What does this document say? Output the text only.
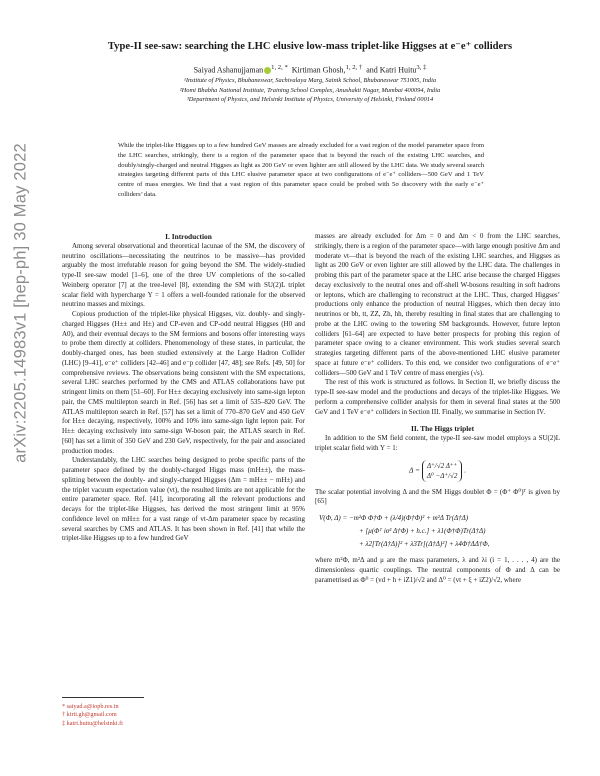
arXiv:2205.14983v1 [hep-ph] 30 May 2022
Type-II see-saw: searching the LHC elusive low-mass triplet-like Higgses at e⁻e⁺ colliders
Saiyad Ashanujjaman $^{1, 2, *}$ Kirtiman Ghosh,$^{1, 2, \dagger}$ and Katri Huitu$^{3, \ddagger}$
¹Institute of Physics, Bhubaneswar, Sachivalaya Marg, Sainik School, Bhubaneswar 751005, India
²Homi Bhabha National Institute, Training School Complex, Anushakti Nagar, Mumbai 400094, India
³Department of Physics, and Helsinki Institute of Physics, University of Helsinki, Finland 00014
While the triplet-like Higgses up to a few hundred GeV masses are already excluded for a vast region of the model parameter space from the LHC searches, strikingly, there is a region of the parameter space that is beyond the reach of the existing LHC searches, and doubly/singly-charged and neutral Higgses as light as 200 GeV or even lighter are still allowed by the LHC data. We study several search strategies targeting different parts of this LHC elusive parameter space at two configurations of e⁻e⁺ colliders—500 GeV and 1 TeV centre of mass energies. We find that a vast region of this parameter space could be probed with 5σ discovery with the early e⁻e⁺ colliders’ data.

I. Introduction

Among several observational and theoretical lacunae of the SM, the discovery of neutrino oscillations—necessitating the neutrinos to be massive—has provided arguably the most irrefutable reason for going beyond the SM. The widely-studied type-II see-saw model [1–6], one of the three UV completions of the so-called Weinberg operator [7] at the tree-level [8], extending the SM with SU(2)L triplet scalar field with hypercharge Y = 1 offers a well-founded rationale for the observed neutrino masses and mixings.

Copious production of the triplet-like physical Higgses, viz. doubly- and singly-charged Higgses (H±± and H±) and CP-even and CP-odd neutral Higgses (H0 and A0), and their eventual decays to the SM fermions and bosons offer interesting ways to probe them directly at colliders. Phenomenology of these states, in particular, the doubly-charged ones, has been studied extensively at the Large Hadron Collider (LHC) [9–41], e⁻e⁺ colliders [42–46] and e⁻p collider [47, 48]; see Refs. [49, 50] for comprehensive reviews. The observations being consistent with the SM expectations, several LHC searches performed by the CMS and ATLAS collaborations have put stringent limits on them [51–60]. For H±± decaying exclusively into same-sign lepton pair, the CMS multilepton search in Ref. [56] has set a limit of 535–820 GeV. The ATLAS multilepton search in Ref. [57] has set a limit of 770–870 GeV and 450 GeV for H±± decaying, respectively, 100% and 10% into same-sign light lepton pair. For H±± decaying exclusively into same-sign W-boson pair, the ATLAS search in Ref. [60] has set a limit of 350 GeV and 230 GeV, respectively, for the pair and associated production modes.

Understandably, the LHC searches being designed to probe specific parts of the parameter space defined by the doubly-charged Higgs mass (mH±±), the mass-splitting between the doubly- and singly-charged Higgses (Δm = mH±± − mH±) and the triplet vacuum expectation value (vt), the resulted limits are not applicable for the entire parameter space. Ref. [41], incorporating all the relevant productions and decays for the triplet-like Higgses, has derived the most stringent limit at 95% confidence level on mH±± for a vast range of vt-Δm parameter space by recasting several searches by CMS and ATLAS. It has been shown in Ref. [41] that while the triplet-like Higgses up to a few hundred GeV

masses are already excluded for Δm = 0 and Δm < 0 from the LHC searches, strikingly, there is a region of the parameter space—with large enough positive Δm and moderate vt—that is beyond the reach of the existing LHC searches, and Higgses as light as 200 GeV or even lighter are still allowed by the LHC data. The challenges in probing this part of the parameter space at the LHC arise because the charged Higgses decay exclusively to the neutral ones and off-shell W-bosons resulting in soft hadrons or leptons, which are challenging to reconstruct at the LHC. Thus, charged Higgses’ productions only enhance the production of neutral Higgses, which then decay into neutrinos or bb, tt, ZZ, Zh, hh, thereby resulting in final states that are challenging to probe at the LHC owing to the towering SM backgrounds. However, future lepton colliders [61–64] are expected to have better prospects for probing this region of parameter space owing to a cleaner environment. This work studies several search strategies targeting different parts of the above-mentioned LHC elusive parameter space at future e⁻e⁺ colliders. To this end, we consider two configurations of e⁻e⁺ colliders—500 GeV and 1 TeV centre of mass energies (√s).

The rest of this work is structured as follows. In Section II, we briefly discuss the type-II see-saw model and the productions and decays of the triplet-like Higgses. We perform a comprehensive collider analysis for them in several final states at the 500 GeV and 1 TeV e⁻e⁺ colliders in Section III. Finally, we summarise in Section IV.

II. The Higgs triplet

In addition to the SM field content, the type-II see-saw model employs a SU(2)L triplet scalar field with Y = 1:

Δ = Δ⁺/√2 Δ⁺⁺
Δ⁰ −Δ⁺/√2
.

The scalar potential involving Δ and the SM Higgs doublet Φ = (Φ⁺ Φ⁰)ᵀ is given by [65]

V(Φ, Δ) = −m²Φ Φ†Φ + (λ/4)(Φ†Φ)² + m²Δ Tr(Δ†Δ)
+ [μ(Φᵀ iσ² Δ†Φ) + h.c.] + λ1(Φ†Φ)Tr(Δ†Δ)
+ λ2[Tr(Δ†Δ)]² + λ3Tr[(Δ†Δ)²] + λ4Φ†ΔΔ†Φ,

where m²Φ, m²Δ and μ are the mass parameters, λ and λi (i = 1, . . . , 4) are the dimensionless quartic couplings. The neutral components of Φ and Δ can be parametrised as Φ⁰ = (vd + h + iZ1)/√2 and Δ⁰ = (vt + ξ + iZ2)/√2, where

* saiyad.a@iopb.res.in
† kirti.gh@gmail.com
‡ katri.huitu@helsinki.fi
